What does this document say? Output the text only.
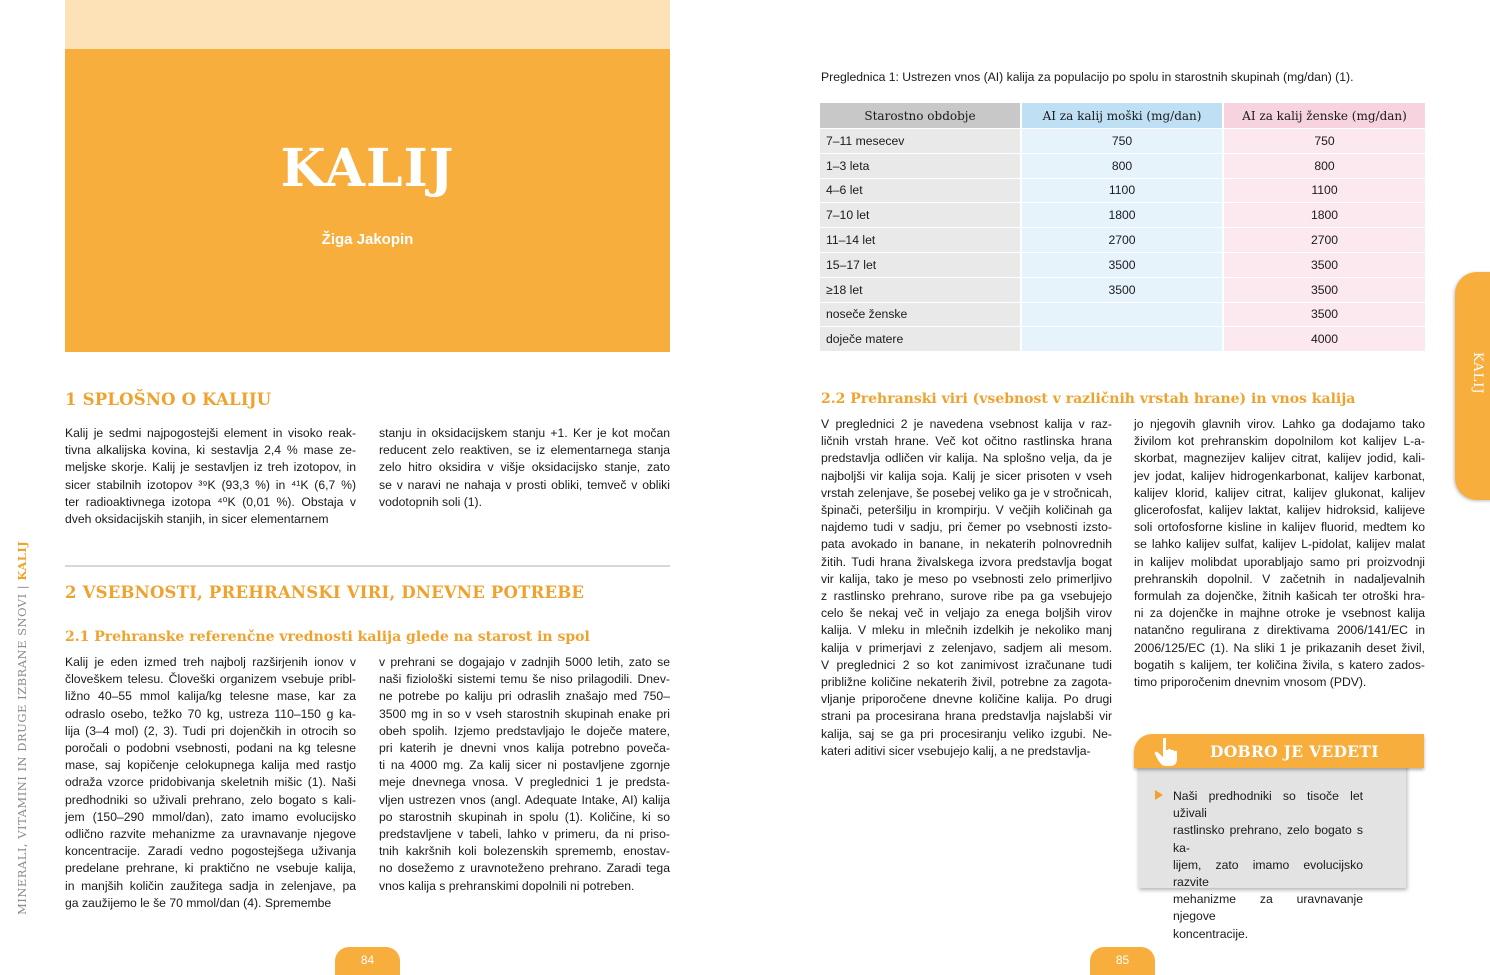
KALIJ
Žiga Jakopin
1 SPLOŠNO O KALIJU
Kalij je sedmi najpogostejši element in visoko reak-
tivna alkalijska kovina, ki sestavlja 2,4 % mase ze-
meljske skorje. Kalij je sestavljen iz treh izotopov, in
sicer stabilnih izotopov ³⁹K (93,3 %) in ⁴¹K (6,7 %)
ter radioaktivnega izotopa ⁴⁰K (0,01 %). Obstaja v
dveh oksidacijskih stanjih, in sicer elementarnem
stanju in oksidacijskem stanju +1. Ker je kot močan
reducent zelo reaktiven, se iz elementarnega stanja
zelo hitro oksidira v višje oksidacijsko stanje, zato
se v naravi ne nahaja v prosti obliki, temveč v obliki
vodotopnih soli (1).
2 VSEBNOSTI, PREHRANSKI VIRI, DNEVNE POTREBE
2.1 Prehranske referenčne vrednosti kalija glede na starost in spol
Kalij je eden izmed treh najbolj razširjenih ionov v
človeškem telesu. Človeški organizem vsebuje pribl-
ližno 40–55 mmol kalija/kg telesne mase, kar za
odraslo osebo, težko 70 kg, ustreza 110–150 g ka-
lija (3–4 mol) (2, 3). Tudi pri dojenčkih in otrocih so
poročali o podobni vsebnosti, podani na kg telesne
mase, saj kopičenje celokupnega kalija med rastjo
odraža vzorce pridobivanja skeletnih mišic (1). Naši
predhodniki so uživali prehrano, zelo bogato s kali-
jem (150–290 mmol/dan), zato imamo evolucijsko
odlično razvite mehanizme za uravnavanje njegove
koncentracije. Zaradi vedno pogostejšega uživanja
predelane prehrane, ki praktično ne vsebuje kalija,
in manjših količin zaužitega sadja in zelenjave, pa
ga zaužijemo le še 70 mmol/dan (4). Spremembe
v prehrani se dogajajo v zadnjih 5000 letih, zato se
naši fiziološki sistemi temu še niso prilagodili. Dnev-
ne potrebe po kaliju pri odraslih znašajo med 750–
3500 mg in so v vseh starostnih skupinah enake pri
obeh spolih. Izjemo predstavljajo le doječe matere,
pri katerih je dnevni vnos kalija potrebno poveča-
ti na 4000 mg. Za kalij sicer ni postavljene zgornje
meje dnevnega vnosa. V preglednici 1 je predsta-
vljen ustrezen vnos (angl. Adequate Intake, AI) kalija
po starostnih skupinah in spolu (1). Količine, ki so
predstavljene v tabeli, lahko v primeru, da ni priso-
tnih kakršnih koli bolezenskih sprememb, enostav-
no dosežemo z uravnoteženo prehrano. Zaradi tega
vnos kalija s prehranskimi dopolnili ni potreben.
MINERALI, VITAMINI IN DRUGE IZBRANE SNOVI | KALIJ
84
Preglednica 1: Ustrezen vnos (AI) kalija za populacijo po spolu in starostnih skupinah (mg/dan) (1).
Starostno obdobje	AI za kalij moški (mg/dan)	AI za kalij ženske (mg/dan)
7–11 mesecev	750	750
1–3 leta	800	800
4–6 let	1100	1100
7–10 let	1800	1800
11–14 let	2700	2700
15–17 let	3500	3500
≥18 let	3500	3500
noseče ženske		3500
doječe matere		4000
KALIJ
2.2 Prehranski viri (vsebnost v različnih vrstah hrane) in vnos kalija
V preglednici 2 je navedena vsebnost kalija v raz-
ličnih vrstah hrane. Več kot očitno rastlinska hrana
predstavlja odličen vir kalija. Na splošno velja, da je
najboljši vir kalija soja. Kalij je sicer prisoten v vseh
vrstah zelenjave, še posebej veliko ga je v stročnicah,
špinači, peteršilju in krompirju. V večjih količinah ga
najdemo tudi v sadju, pri čemer po vsebnosti izsto-
pata avokado in banane, in nekaterih polnovrednih
žitih. Tudi hrana živalskega izvora predstavlja bogat
vir kalija, tako je meso po vsebnosti zelo primerljivo
z rastlinsko prehrano, surove ribe pa ga vsebujejo
celo še nekaj več in veljajo za enega boljših virov
kalija. V mleku in mlečnih izdelkih je nekoliko manj
kalija v primerjavi z zelenjavo, sadjem ali mesom.
V preglednici 2 so kot zanimivost izračunane tudi
približne količine nekaterih živil, potrebne za zagota-
vljanje priporočene dnevne količine kalija. Po drugi
strani pa procesirana hrana predstavlja najslabši vir
kalija, saj se ga pri procesiranju veliko izgubi. Ne-
kateri aditivi sicer vsebujejo kalij, a ne predstavlja-
jo njegovih glavnih virov. Lahko ga dodajamo tako
živilom kot prehranskim dopolnilom kot kalijev L-a-
skorbat, magnezijev kalijev citrat, kalijev jodid, kali-
jev jodat, kalijev hidrogenkarbonat, kalijev karbonat,
kalijev klorid, kalijev citrat, kalijev glukonat, kalijev
glicerofosfat, kalijev laktat, kalijev hidroksid, kalijeve
soli ortofosforne kisline in kalijev fluorid, medtem ko
se lahko kalijev sulfat, kalijev L-pidolat, kalijev malat
in kalijev molibdat uporabljajo samo pri proizvodnji
prehranskih dopolnil. V začetnih in nadaljevalnih
formulah za dojenčke, žitnih kašicah ter otroški hra-
ni za dojenčke in majhne otroke je vsebnost kalija
natančno regulirana z direktivama 2006/141/EC in
2006/125/EC (1). Na sliki 1 je prikazanih deset živil,
bogatih s kalijem, ter količina živila, s katero zados-
timo priporočenim dnevnim vnosom (PDV).
DOBRO JE VEDETI
Naši predhodniki so tisoče let uživali
rastlinsko prehrano, zelo bogato s ka-
lijem, zato imamo evolucijsko razvite
mehanizme za uravnavanje njegove
koncentracije.
85
